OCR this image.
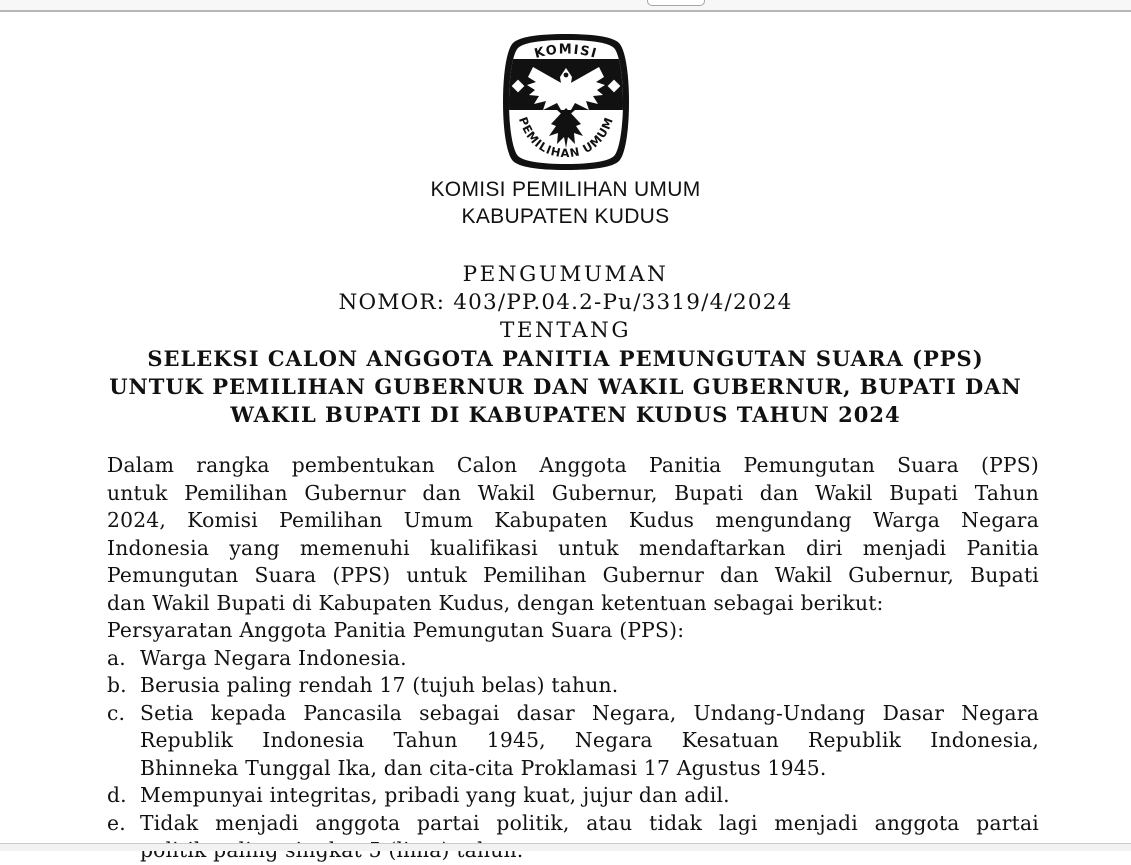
KOMISI
PEMILIHAN UMUM
KOMISI PEMILIHAN UMUM
KABUPATEN KUDUS
PENGUMUMAN
NOMOR: 403/PP.04.2-Pu/3319/4/2024
TENTANG
SELEKSI CALON ANGGOTA PANITIA PEMUNGUTAN SUARA (PPS)
UNTUK PEMILIHAN GUBERNUR DAN WAKIL GUBERNUR, BUPATI DAN
WAKIL BUPATI DI KABUPATEN KUDUS TAHUN 2024
Dalam rangka pembentukan Calon Anggota Panitia Pemungutan Suara (PPS)
untuk Pemilihan Gubernur dan Wakil Gubernur, Bupati dan Wakil Bupati Tahun
2024, Komisi Pemilihan Umum Kabupaten Kudus mengundang Warga Negara
Indonesia yang memenuhi kualifikasi untuk mendaftarkan diri menjadi Panitia
Pemungutan Suara (PPS) untuk Pemilihan Gubernur dan Wakil Gubernur, Bupati
dan Wakil Bupati di Kabupaten Kudus, dengan ketentuan sebagai berikut:
Persyaratan Anggota Panitia Pemungutan Suara (PPS):
a. Warga Negara Indonesia.
b. Berusia paling rendah 17 (tujuh belas) tahun.
c. Setia kepada Pancasila sebagai dasar Negara, Undang-Undang Dasar Negara
Republik Indonesia Tahun 1945, Negara Kesatuan Republik Indonesia,
Bhinneka Tunggal Ika, dan cita-cita Proklamasi 17 Agustus 1945.
d. Mempunyai integritas, pribadi yang kuat, jujur dan adil.
e. Tidak menjadi anggota partai politik, atau tidak lagi menjadi anggota partai
